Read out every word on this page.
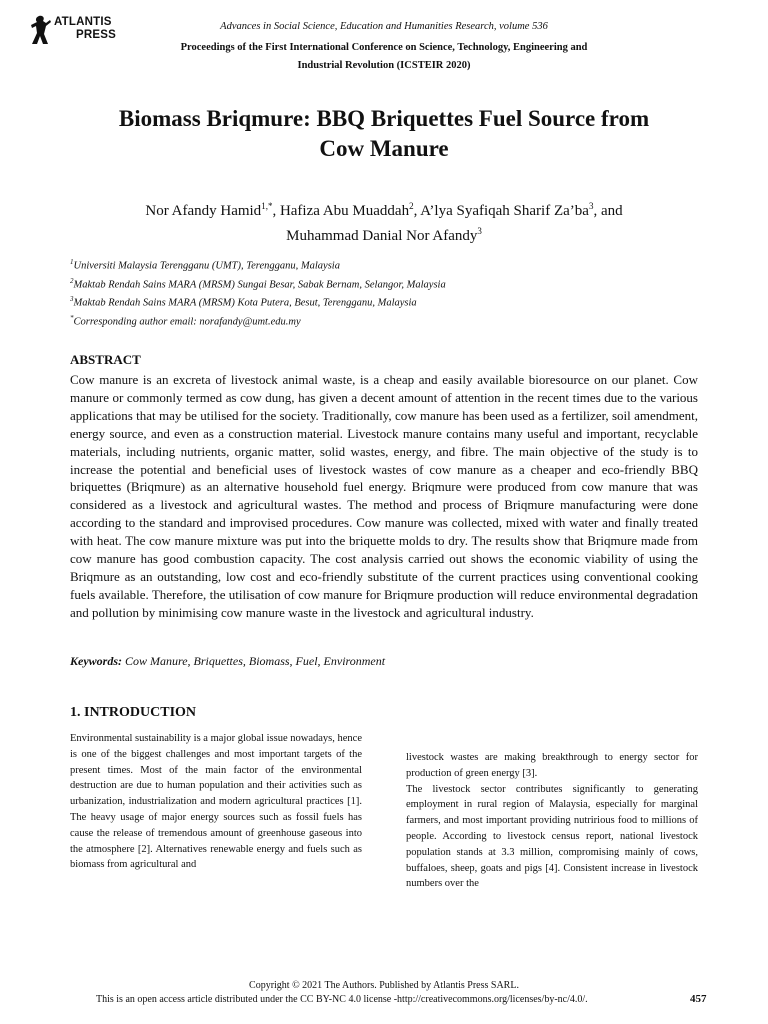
ATLANTIS
PRESS
Advances in Social Science, Education and Humanities Research, volume 536
Proceedings of the First International Conference on Science, Technology, Engineering and
Industrial Revolution (ICSTEIR 2020)
Biomass Briqmure: BBQ Briquettes Fuel Source from
Cow Manure
Nor Afandy Hamid$^{1,*}$, Hafiza Abu Muaddah$^2$, A’lya Syafiqah Sharif $Za’ba^3$, and
Muhammad Danial Nor Afandy$^3$
$^1$Universiti Malaysia Terengganu (UMT), Terengganu, Malaysia
$^2$Maktab Rendah Sains MARA (MRSM) Sungai Besar, Sabak Bernam, Selangor, Malaysia
$^3$Maktab Rendah Sains MARA (MRSM) Kota Putera, Besut, Terengganu, Malaysia
*Corresponding author email: norafandy@umt.edu.my
ABSTRACT

Cow manure is an excreta of livestock animal waste, is a cheap and easily available bioresource on our planet. Cow manure or commonly termed as cow dung, has given a decent amount of attention in the recent times due to the various applications that may be utilised for the society. Traditionally, cow manure has been used as a fertilizer, soil amendment, energy source, and even as a construction material. Livestock manure contains many useful and important, recyclable materials, including nutrients, organic matter, solid wastes, energy, and fibre. The main objective of the study is to increase the potential and beneficial uses of livestock wastes of cow manure as a cheaper and eco-friendly BBQ briquettes (Briqmure) as an alternative household fuel energy. Briqmure were produced from cow manure that was considered as a livestock and agricultural wastes. The method and process of Briqmure manufacturing were done according to the standard and improvised procedures. Cow manure was collected, mixed with water and finally treated with heat. The cow manure mixture was put into the briquette molds to dry. The results show that Briqmure made from cow manure has good combustion capacity. The cost analysis carried out shows the economic viability of using the Briqmure as an outstanding, low cost and eco-friendly substitute of the current practices using conventional cooking fuels available. Therefore, the utilisation of cow manure for Briqmure production will reduce environmental degradation and pollution by minimising cow manure waste in the livestock and agricultural industry.

Keywords: Cow Manure, Briquettes, Biomass, Fuel, Environment
1. INTRODUCTION

Environmental sustainability is a major global issue nowadays, hence is one of the biggest challenges and most important targets of the present times. Most of the main factor of the environmental destruction are due to human population and their activities such as urbanization, industrialization and modern agricultural practices [1]. The heavy usage of major energy sources such as fossil fuels has cause the release of tremendous amount of greenhouse gaseous into the atmosphere [2]. Alternatives renewable energy and fuels such as biomass from agricultural and

livestock wastes are making breakthrough to energy sector for production of green energy [3].

The livestock sector contributes significantly to generating employment in rural region of Malaysia, especially for marginal farmers, and most important providing nutririous food to millions of people. According to livestock census report, national livestock population stands at 3.3 million, compromising mainly of cows, buffaloes, sheep, goats and pigs [4]. Consistent increase in livestock numbers over the

Copyright © 2021 The Authors. Published by Atlantis Press SARL.
This is an open access article distributed under the CC BY-NC 4.0 license -http://creativecommons.org/licenses/by-nc/4.0/.	457
